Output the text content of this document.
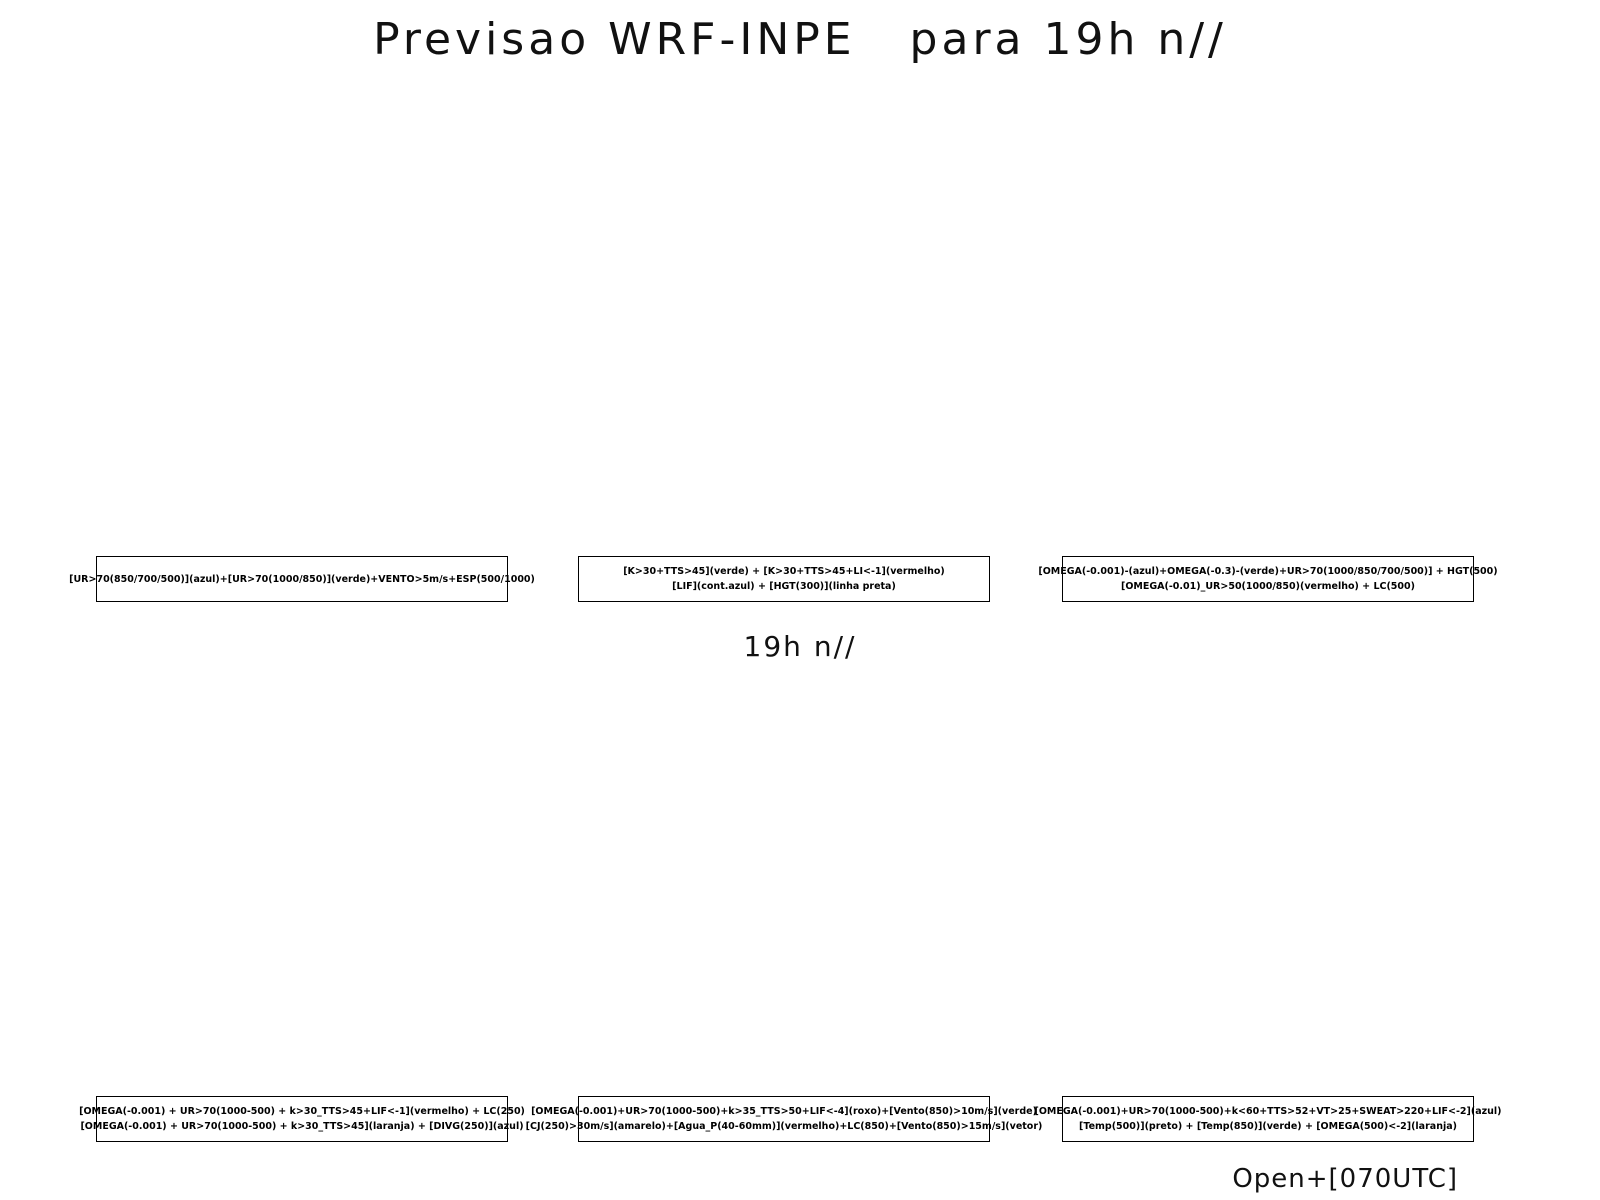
Previsao WRF-INPE   para 19h n//
[UR>70(850/700/500)](azul)+[UR>70(1000/850)](verde)+VENTO>5m/s+ESP(500/1000)
[K>30+TTS>45](verde) + [K>30+TTS>45+LI<-1](vermelho)
[LIF](cont.azul) + [HGT(300)](linha preta)
[OMEGA(-0.001)-(azul)+OMEGA(-0.3)-(verde)+UR>70(1000/850/700/500)] + HGT(500)
[OMEGA(-0.01)_UR>50(1000/850)(vermelho) + LC(500)
19h n//
[OMEGA(-0.001) + UR>70(1000-500) + k>30_TTS>45+LIF<-1](vermelho) + LC(250)
[OMEGA(-0.001) + UR>70(1000-500) + k>30_TTS>45](laranja) + [DIVG(250)](azul)
[OMEGA(-0.001)+UR>70(1000-500)+k>35_TTS>50+LIF<-4](roxo)+[Vento(850)>10m/s](verde)
[CJ(250)>30m/s](amarelo)+[Agua_P(40-60mm)](vermelho)+LC(850)+[Vento(850)>15m/s](vetor)
[OMEGA(-0.001)+UR>70(1000-500)+k<60+TTS>52+VT>25+SWEAT>220+LIF<-2](azul)
[Temp(500)](preto) + [Temp(850)](verde) + [OMEGA(500)<-2](laranja)
Open+[070UTC]
